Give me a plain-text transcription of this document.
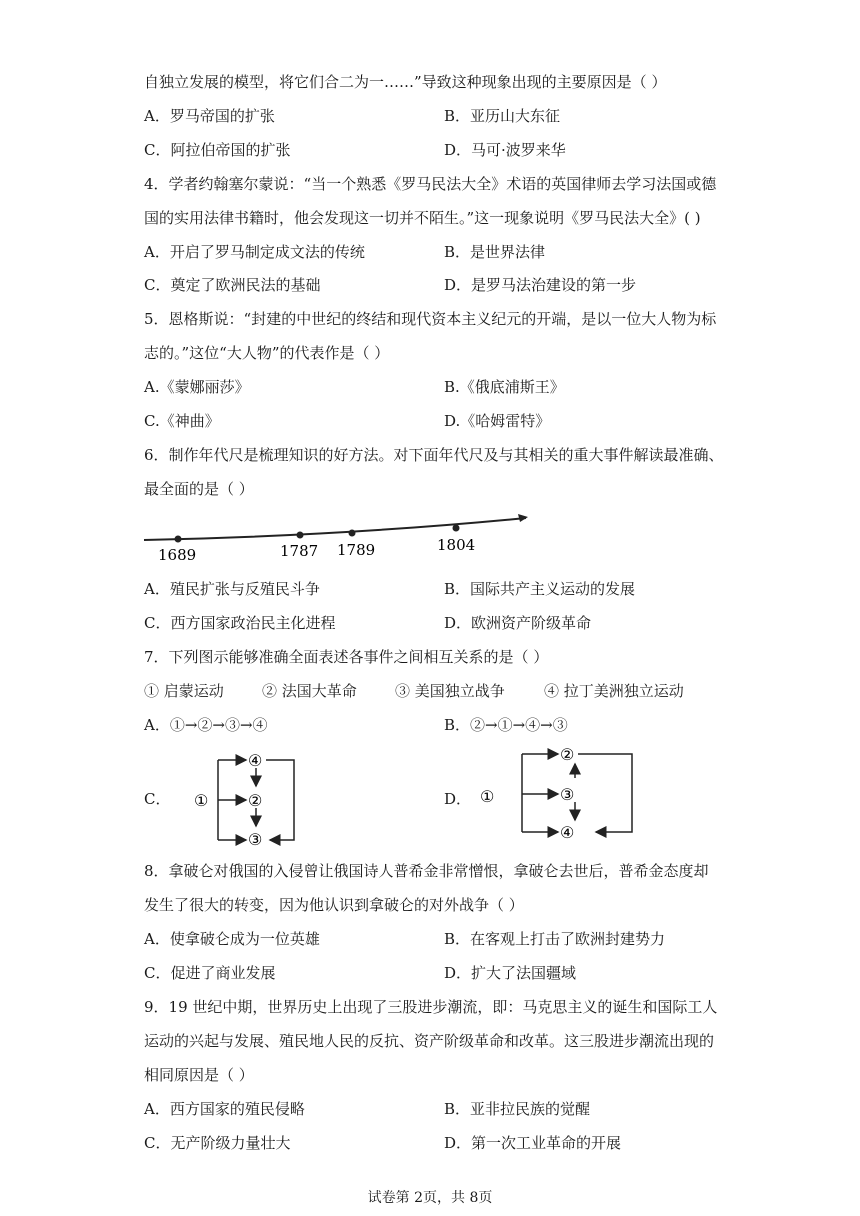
自独立发展的模型，将它们合二为一……”导致这种现象出现的主要原因是（ ）
A．罗马帝国的扩张	B．亚历山大东征
C．阿拉伯帝国的扩张	D．马可·波罗来华
4．学者约翰塞尔蒙说：“当一个熟悉《罗马民法大全》术语的英国律师去学习法国或德
国的实用法律书籍时，他会发现这一切并不陌生。”这一现象说明《罗马民法大全》( )
A．开启了罗马制定成文法的传统	B．是世界法律
C．奠定了欧洲民法的基础	D．是罗马法治建设的第一步
5．恩格斯说：“封建的中世纪的终结和现代资本主义纪元的开端，是以一位大人物为标
志的。”这位“大人物”的代表作是（ ）
A.《蒙娜丽莎》	B.《俄底浦斯王》
C.《神曲》	D.《哈姆雷特》
6．制作年代尺是梳理知识的好方法。对下面年代尺及与其相关的重大事件解读最准确、
最全面的是（ ）
1689	1787 1789	1804
A．殖民扩张与反殖民斗争	B．国际共产主义运动的发展
C．西方国家政治民主化进程	D．欧洲资产阶级革命
7．下列图示能够准确全面表述各事件之间相互关系的是（ ）
① 启蒙运动	② 法国大革命	③ 美国独立战争	④ 拉丁美洲独立运动
A．①→②→③→④	B．②→①→④→③
C． ①
④
②
③
D． ①
②
③
④
8．拿破仑对俄国的入侵曾让俄国诗人普希金非常憎恨，拿破仑去世后，普希金态度却
发生了很大的转变，因为他认识到拿破仑的对外战争（ ）
A．使拿破仑成为一位英雄	B．在客观上打击了欧洲封建势力
C．促进了商业发展	D．扩大了法国疆域
9．19 世纪中期，世界历史上出现了三股进步潮流，即：马克思主义的诞生和国际工人
运动的兴起与发展、殖民地人民的反抗、资产阶级革命和改革。这三股进步潮流出现的
相同原因是（ ）
A．西方国家的殖民侵略	B．亚非拉民族的觉醒
C．无产阶级力量壮大	D．第一次工业革命的开展
试卷第 2页，共 8页
